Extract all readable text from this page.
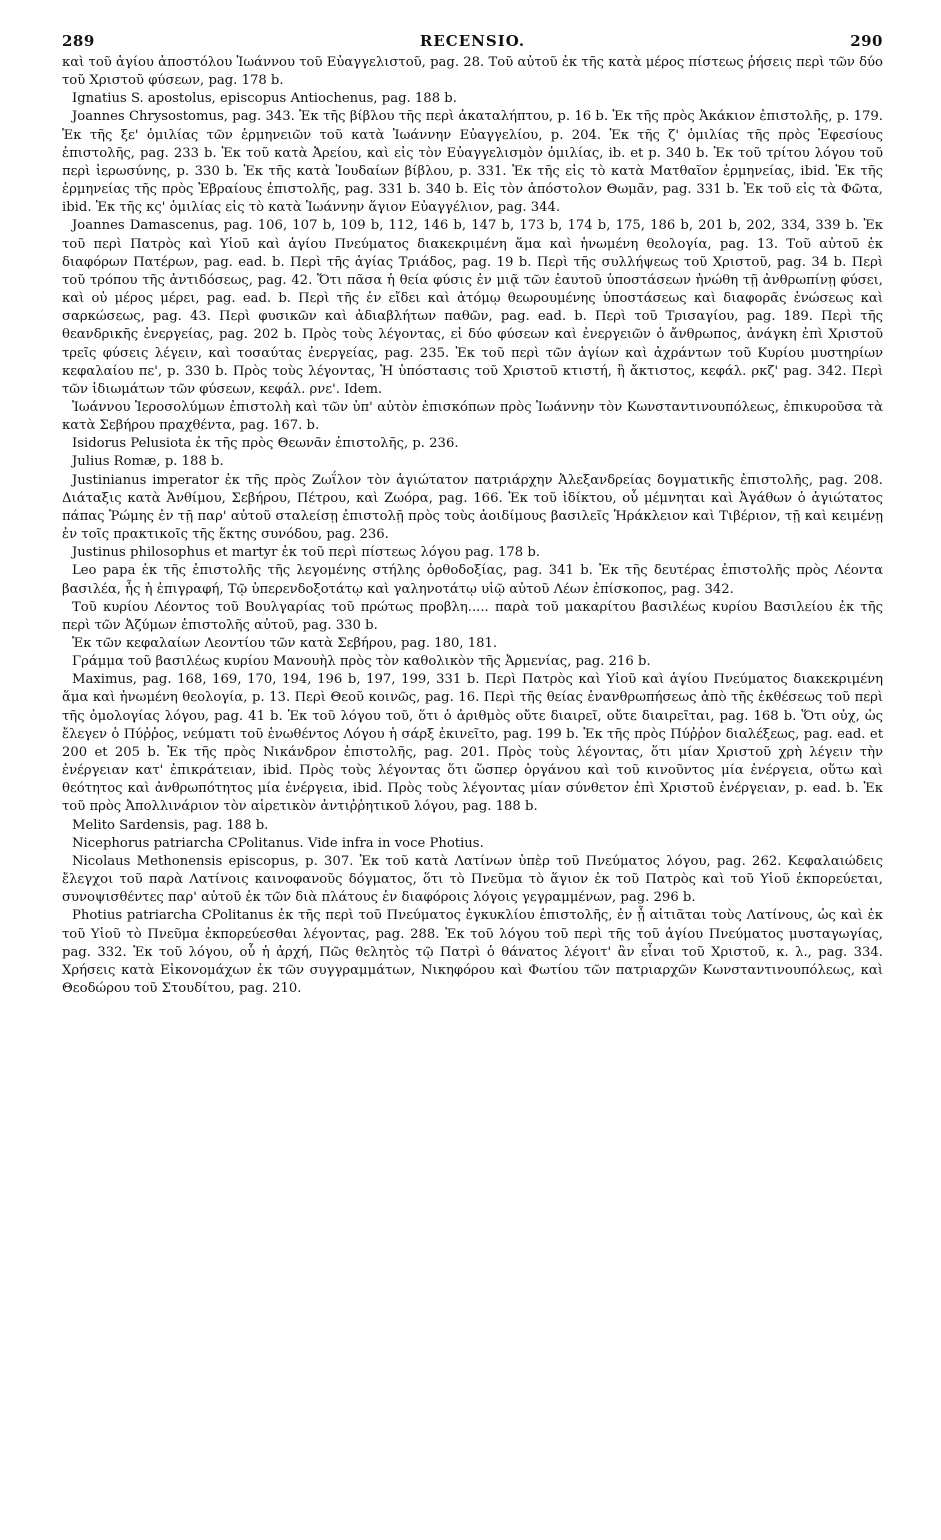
289	RECENSIO.	290

καὶ τοῦ ἁγίου ἀποστόλου Ἰωάννου τοῦ Εὐαγγελιστοῦ, pag. 28. Τοῦ αὐτοῦ ἐκ τῆς κατὰ μέρος πίστεως ῥήσεις περὶ τῶν δύο τοῦ Χριστοῦ φύσεων, pag. 178 b.

Ignatius S. apostolus, episcopus Antiochenus, pag. 188 b.

Joannes Chrysostomus, pag. 343. Ἐκ τῆς βίβλου τῆς περὶ ἀκαταλήπτου, p. 16 b. Ἐκ τῆς πρὸς Ἀκάκιον ἐπιστολῆς, p. 179. Ἐκ τῆς ξε' ὁμιλίας τῶν ἑρμηνειῶν τοῦ κατὰ Ἰωάννην Εὐαγγελίου, p. 204. Ἐκ τῆς ζ' ὁμιλίας τῆς πρὸς Ἐφεσίους ἐπιστολῆς, pag. 233 b. Ἐκ τοῦ κατὰ Ἀρείου, καὶ εἰς τὸν Εὐαγγελισμὸν ὁμιλίας, ib. et p. 340 b. Ἐκ τοῦ τρίτου λόγου τοῦ περὶ ἱερωσύνης, p. 330 b. Ἐκ τῆς κατὰ Ἰουδαίων βίβλου, p. 331. Ἐκ τῆς εἰς τὸ κατὰ Ματθαῖον ἑρμηνείας, ibid. Ἐκ τῆς ἑρμηνείας τῆς πρὸς Ἑβραίους ἐπιστολῆς, pag. 331 b. 340 b. Εἰς τὸν ἀπόστολον Θωμᾶν, pag. 331 b. Ἐκ τοῦ εἰς τὰ Φῶτα, ibid. Ἐκ τῆς κς' ὁμιλίας εἰς τὸ κατὰ Ἰωάννην ἅγιον Εὐαγγέλιον, pag. 344.

Joannes Damascenus, pag. 106, 107 b, 109 b, 112, 146 b, 147 b, 173 b, 174 b, 175, 186 b, 201 b, 202, 334, 339 b. Ἐκ τοῦ περὶ Πατρὸς καὶ Υἱοῦ καὶ ἁγίου Πνεύματος διακεκριμένη ἅμα καὶ ἡνωμένη θεολογία, pag. 13. Τοῦ αὐτοῦ ἐκ διαφόρων Πατέρων, pag. ead. b. Περὶ τῆς ἁγίας Τριάδος, pag. 19 b. Περὶ τῆς συλλήψεως τοῦ Χριστοῦ, pag. 34 b. Περὶ τοῦ τρόπου τῆς ἀντιδόσεως, pag. 42. Ὅτι πᾶσα ἡ θεία φύσις ἐν μιᾷ τῶν ἑαυτοῦ ὑποστάσεων ἡνώθη τῇ ἀνθρωπίνῃ φύσει, καὶ οὐ μέρος μέρει, pag. ead. b. Περὶ τῆς ἐν εἴδει καὶ ἀτόμῳ θεωρουμένης ὑποστάσεως καὶ διαφορᾶς ἑνώσεως καὶ σαρκώσεως, pag. 43. Περὶ φυσικῶν καὶ ἀδιαβλήτων παθῶν, pag. ead. b. Περὶ τοῦ Τρισαγίου, pag. 189. Περὶ τῆς θεανδρικῆς ἐνεργείας, pag. 202 b. Πρὸς τοὺς λέγοντας, εἰ δύο φύσεων καὶ ἐνεργειῶν ὁ ἄνθρωπος, ἀνάγκη ἐπὶ Χριστοῦ τρεῖς φύσεις λέγειν, καὶ τοσαύτας ἐνεργείας, pag. 235. Ἐκ τοῦ περὶ τῶν ἁγίων καὶ ἀχράντων τοῦ Κυρίου μυστηρίων κεφαλαίου πε', p. 330 b. Πρὸς τοὺς λέγοντας, Ἡ ὑπόστασις τοῦ Χριστοῦ κτιστή, ἢ ἄκτιστος, κεφάλ. ρκζ' pag. 342. Περὶ τῶν ἰδιωμάτων τῶν φύσεων, κεφάλ. ρνε'. Idem.

Ἰωάννου Ἱεροσολύμων ἐπιστολὴ καὶ τῶν ὑπ' αὐτὸν ἐπισκόπων πρὸς Ἰωάννην τὸν Κωνσταντινουπόλεως, ἐπικυροῦσα τὰ κατὰ Σεβήρου πραχθέντα, pag. 167. b.

Isidorus Pelusiota ἐκ τῆς πρὸς Θεωνᾶν ἐπιστολῆς, p. 236.

Julius Romæ, p. 188 b.

Justinianus imperator ἐκ τῆς πρὸς Ζωΐλον τὸν ἁγιώτατον πατριάρχην Ἀλεξανδρείας δογματικῆς ἐπιστολῆς, pag. 208. Διάταξις κατὰ Ἀνθίμου, Σεβήρου, Πέτρου, καὶ Ζωόρα, pag. 166. Ἐκ τοῦ ἰδίκτου, οὗ μέμνηται καὶ Ἀγάθων ὁ ἁγιώτατος πάπας Ῥώμης ἐν τῇ παρ' αὐτοῦ σταλείσῃ ἐπιστολῇ πρὸς τοὺς ἀοιδίμους βασιλεῖς Ἡράκλειον καὶ Τιβέριον, τῇ καὶ κειμένῃ ἐν τοῖς πρακτικοῖς τῆς ἕκτης συνόδου, pag. 236.

Justinus philosophus et martyr ἐκ τοῦ περὶ πίστεως λόγου pag. 178 b.

Leo papa ἐκ τῆς ἐπιστολῆς τῆς λεγομένης στήλης ὀρθοδοξίας, pag. 341 b. Ἐκ τῆς δευτέρας ἐπιστολῆς πρὸς Λέοντα βασιλέα, ἧς ἡ ἐπιγραφή, Τῷ ὑπερενδοξοτάτῳ καὶ γαληνοτάτῳ υἱῷ αὐτοῦ Λέων ἐπίσκοπος, pag. 342.

Τοῦ κυρίου Λέοντος τοῦ Βουλγαρίας τοῦ πρώτως προβλη..... παρὰ τοῦ μακαρίτου βασιλέως κυρίου Βασιλείου ἐκ τῆς περὶ τῶν Ἀζύμων ἐπιστολῆς αὐτοῦ, pag. 330 b.

Ἐκ τῶν κεφαλαίων Λεοντίου τῶν κατὰ Σεβήρου, pag. 180, 181.

Γράμμα τοῦ βασιλέως κυρίου Μανουὴλ πρὸς τὸν καθολικὸν τῆς Ἀρμενίας, pag. 216 b.

Maximus, pag. 168, 169, 170, 194, 196 b, 197, 199, 331 b. Περὶ Πατρὸς καὶ Υἱοῦ καὶ ἁγίου Πνεύματος διακεκριμένη ἅμα καὶ ἡνωμένη θεολογία, p. 13. Περὶ Θεοῦ κοινῶς, pag. 16. Περὶ τῆς θείας ἐνανθρωπήσεως ἀπὸ τῆς ἐκθέσεως τοῦ περὶ τῆς ὁμολογίας λόγου, pag. 41 b. Ἐκ τοῦ λόγου τοῦ, ὅτι ὁ ἀριθμὸς οὔτε διαιρεῖ, οὔτε διαιρεῖται, pag. 168 b. Ὅτι οὐχ, ὡς ἔλεγεν ὁ Πύῤῥος, νεύματι τοῦ ἑνωθέντος Λόγου ἡ σάρξ ἐκινεῖτο, pag. 199 b. Ἐκ τῆς πρὸς Πύῤῥον διαλέξεως, pag. ead. et 200 et 205 b. Ἐκ τῆς πρὸς Νικάνδρον ἐπιστολῆς, pag. 201. Πρὸς τοὺς λέγοντας, ὅτι μίαν Χριστοῦ χρὴ λέγειν τὴν ἐνέργειαν κατ' ἐπικράτειαν, ibid. Πρὸς τοὺς λέγοντας ὅτι ὥσπερ ὀργάνου καὶ τοῦ κινοῦντος μία ἐνέργεια, οὕτω καὶ θεότητος καὶ ἀνθρωπότητος μία ἐνέργεια, ibid. Πρὸς τοὺς λέγοντας μίαν σύνθετον ἐπὶ Χριστοῦ ἐνέργειαν, p. ead. b. Ἐκ τοῦ πρὸς Ἀπολλινάριον τὸν αἱρετικὸν ἀντιῤῥητικοῦ λόγου, pag. 188 b.

Melito Sardensis, pag. 188 b.

Nicephorus patriarcha CPolitanus. Vide infra in voce Photius.

Nicolaus Methonensis episcopus, p. 307. Ἐκ τοῦ κατὰ Λατίνων ὑπὲρ τοῦ Πνεύματος λόγου, pag. 262. Κεφαλαιώδεις ἔλεγχοι τοῦ παρὰ Λατίνοις καινοφανοῦς δόγματος, ὅτι τὸ Πνεῦμα τὸ ἅγιον ἐκ τοῦ Πατρὸς καὶ τοῦ Υἱοῦ ἐκπορεύεται, συνοψισθέντες παρ' αὐτοῦ ἐκ τῶν διὰ πλάτους ἐν διαφόροις λόγοις γεγραμμένων, pag. 296 b.

Photius patriarcha CPolitanus ἐκ τῆς περὶ τοῦ Πνεύματος ἐγκυκλίου ἐπιστολῆς, ἐν ᾗ αἰτιᾶται τοὺς Λατίνους, ὡς καὶ ἐκ τοῦ Υἱοῦ τὸ Πνεῦμα ἐκπορεύεσθαι λέγοντας, pag. 288. Ἐκ τοῦ λόγου τοῦ περὶ τῆς τοῦ ἁγίου Πνεύματος μυσταγωγίας, pag. 332. Ἐκ τοῦ λόγου, οὗ ἡ ἀρχή, Πῶς θελητὸς τῷ Πατρὶ ὁ θάνατος λέγοιτ' ἂν εἶναι τοῦ Χριστοῦ, κ. λ., pag. 334. Χρήσεις κατὰ Εἰκονομάχων ἐκ τῶν συγγραμμάτων, Νικηφόρου καὶ Φωτίου τῶν πατριαρχῶν Κωνσταντινουπόλεως, καὶ Θεοδώρου τοῦ Στουδίτου, pag. 210.
